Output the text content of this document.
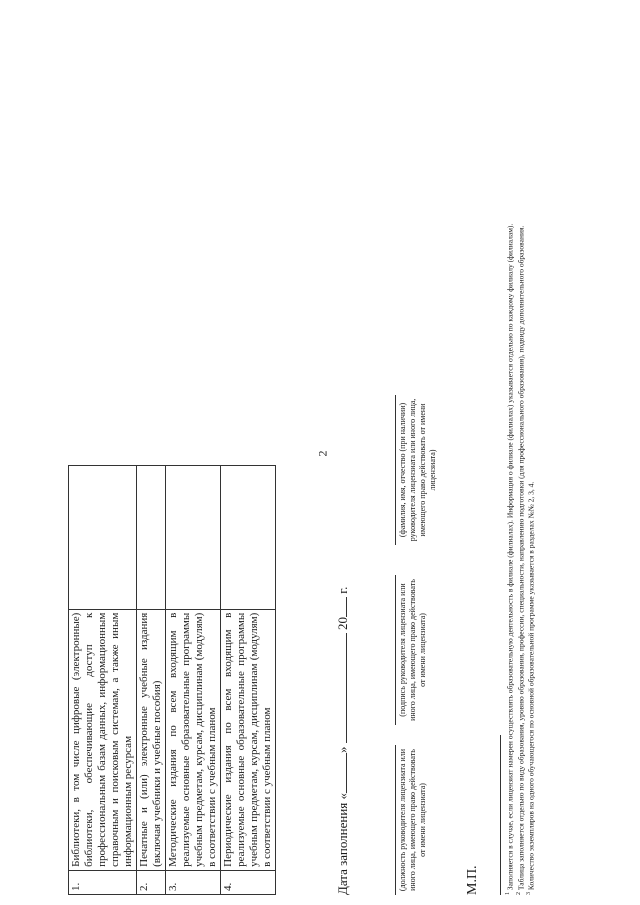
2
1.	Библиотеки, в том числе цифровые (электронные) библиотеки, обеспечивающие доступ к профессиональным базам данных, информационным справочным и поисковым системам, а также иным информационным ресурсам	
2.	Печатные и (или) электронные учебные издания (включая учебники и учебные пособия)	
3.	Методические издания по всем входящим в реализуемые основные образовательные программы учебным предметам, курсам, дисциплинам (модулям) в соответствии с учебным планом	
4.	Периодические издания по всем входящим в реализуемые основные образовательные программы учебным предметам, курсам, дисциплинам (модулям) в соответствии с учебным планом		Дата заполнения «»  20 г.
(должность руководителя лицензиата или иного лица, имеющего право действовать от имени лицензиата)
(подпись руководителя лицензиата или иного лица, имеющего право действовать от имени лицензиата)
(фамилия, имя, отчество (при наличии) руководителя лицензиата или иного лица, имеющего право действовать от имени лицензиата)
М.П.	$^1$ Заполняется в случае, если лицензиат намерен осуществлять образовательную деятельность в филиале (филиалах). Информация о филиале (филиалах) указывается отдельно по каждому филиалу (филиалам).
$^2$ Таблица заполняется отдельно по виду образования, уровню образования, профессии, специальности, направлению подготовки (для профессионального образования), подвиду дополнительного образования.
$^3$ Количество экземпляров на одного обучающегося по основной образовательной программе указывается в разделах №№ 2, 3, 4.
